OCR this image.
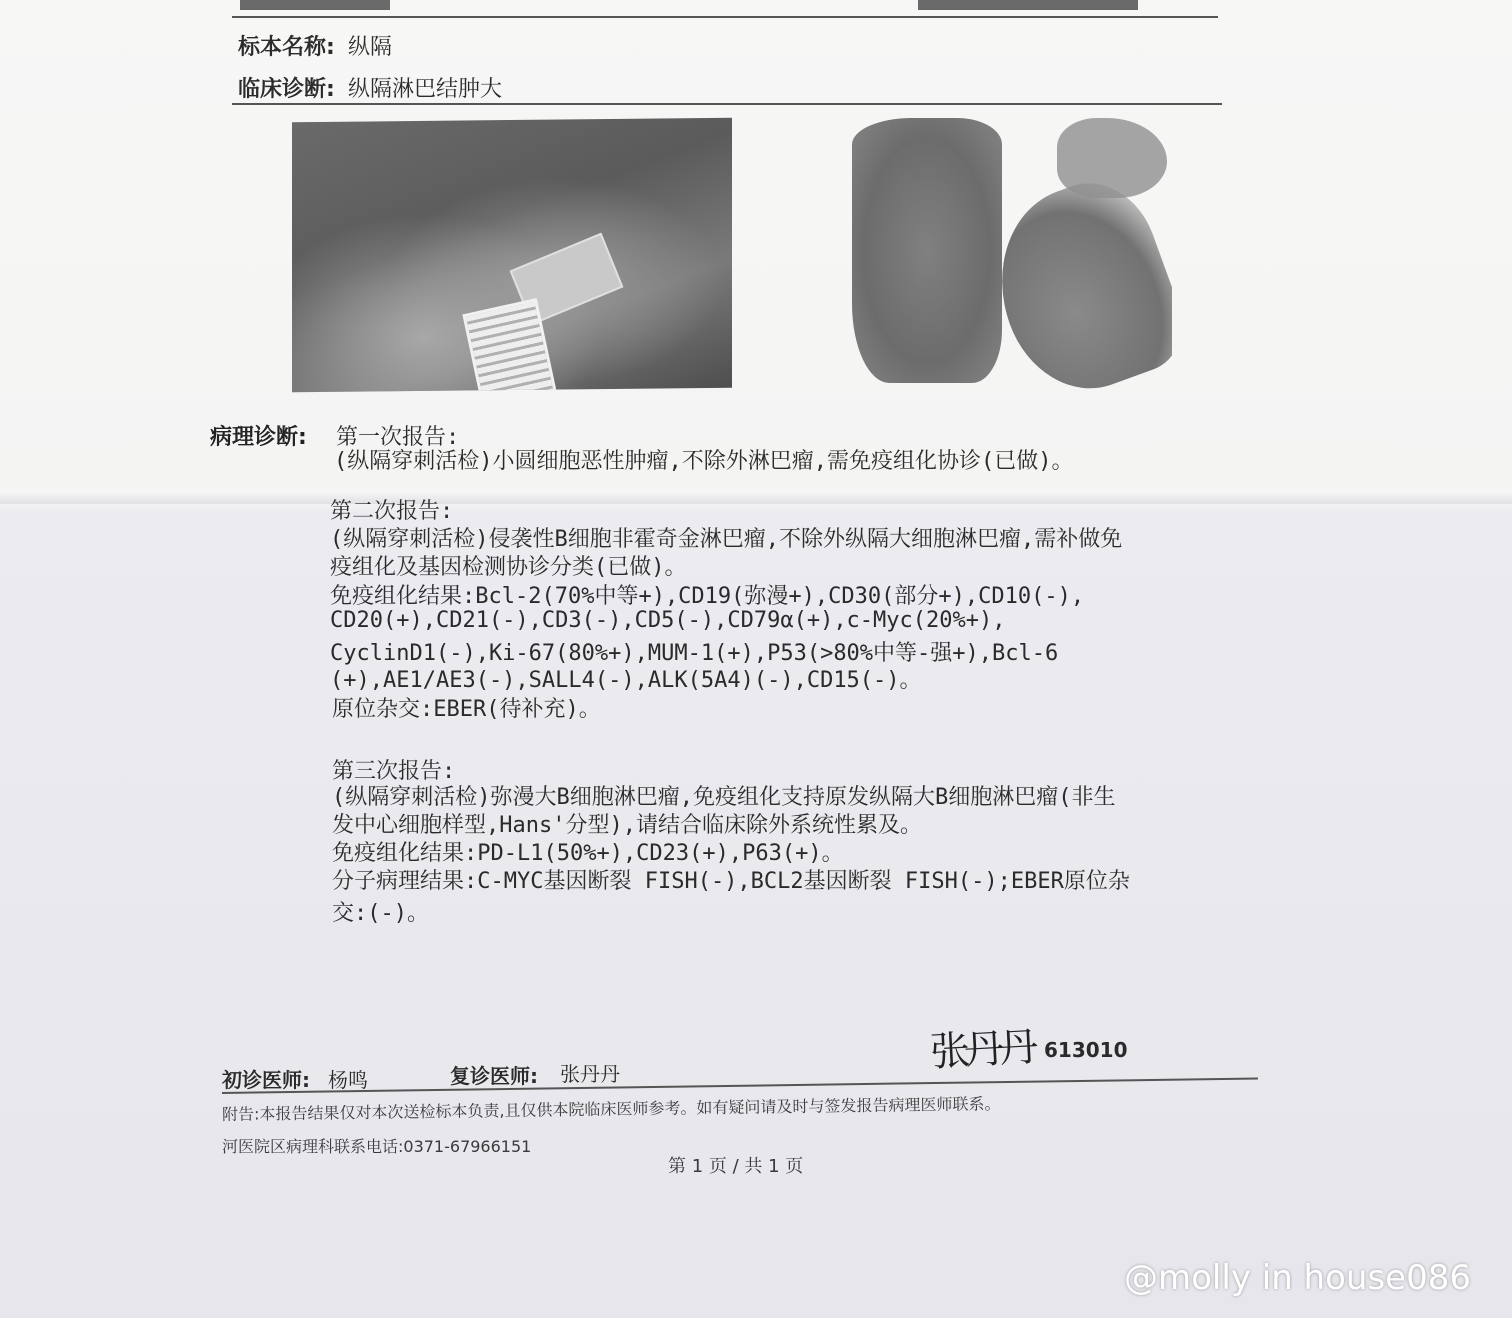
标本名称: 纵隔
临床诊断: 纵隔淋巴结肿大
病理诊断: 第一次报告:
(纵隔穿刺活检)小圆细胞恶性肿瘤,不除外淋巴瘤,需免疫组化协诊(已做)。
第二次报告:
(纵隔穿刺活检)侵袭性B细胞非霍奇金淋巴瘤,不除外纵隔大细胞淋巴瘤,需补做免
疫组化及基因检测协诊分类(已做)。
免疫组化结果:Bcl-2(70%中等+),CD19(弥漫+),CD30(部分+),CD10(-),
CD20(+),CD21(-),CD3(-),CD5(-),CD79α(+),c-Myc(20%+),
CyclinD1(-),Ki-67(80%+),MUM-1(+),P53(>80%中等-强+),Bcl-6
(+),AE1/AE3(-),SALL4(-),ALK(5A4)(-),CD15(-)。
原位杂交:EBER(待补充)。
第三次报告:
(纵隔穿刺活检)弥漫大B细胞淋巴瘤,免疫组化支持原发纵隔大B细胞淋巴瘤(非生
发中心细胞样型,Hans'分型),请结合临床除外系统性累及。
免疫组化结果:PD-L1(50%+),CD23(+),P63(+)。
分子病理结果:C-MYC基因断裂 FISH(-),BCL2基因断裂 FISH(-);EBER原位杂
交:(-)。
张丹丹 613010
初诊医师: 杨鸣	复诊医师: 张丹丹
附告:本报告结果仅对本次送检标本负责,且仅供本院临床医师参考。如有疑问请及时与签发报告病理医师联系。
河医院区病理科联系电话:0371-67966151
第 1 页 / 共 1 页
@molly in house086
